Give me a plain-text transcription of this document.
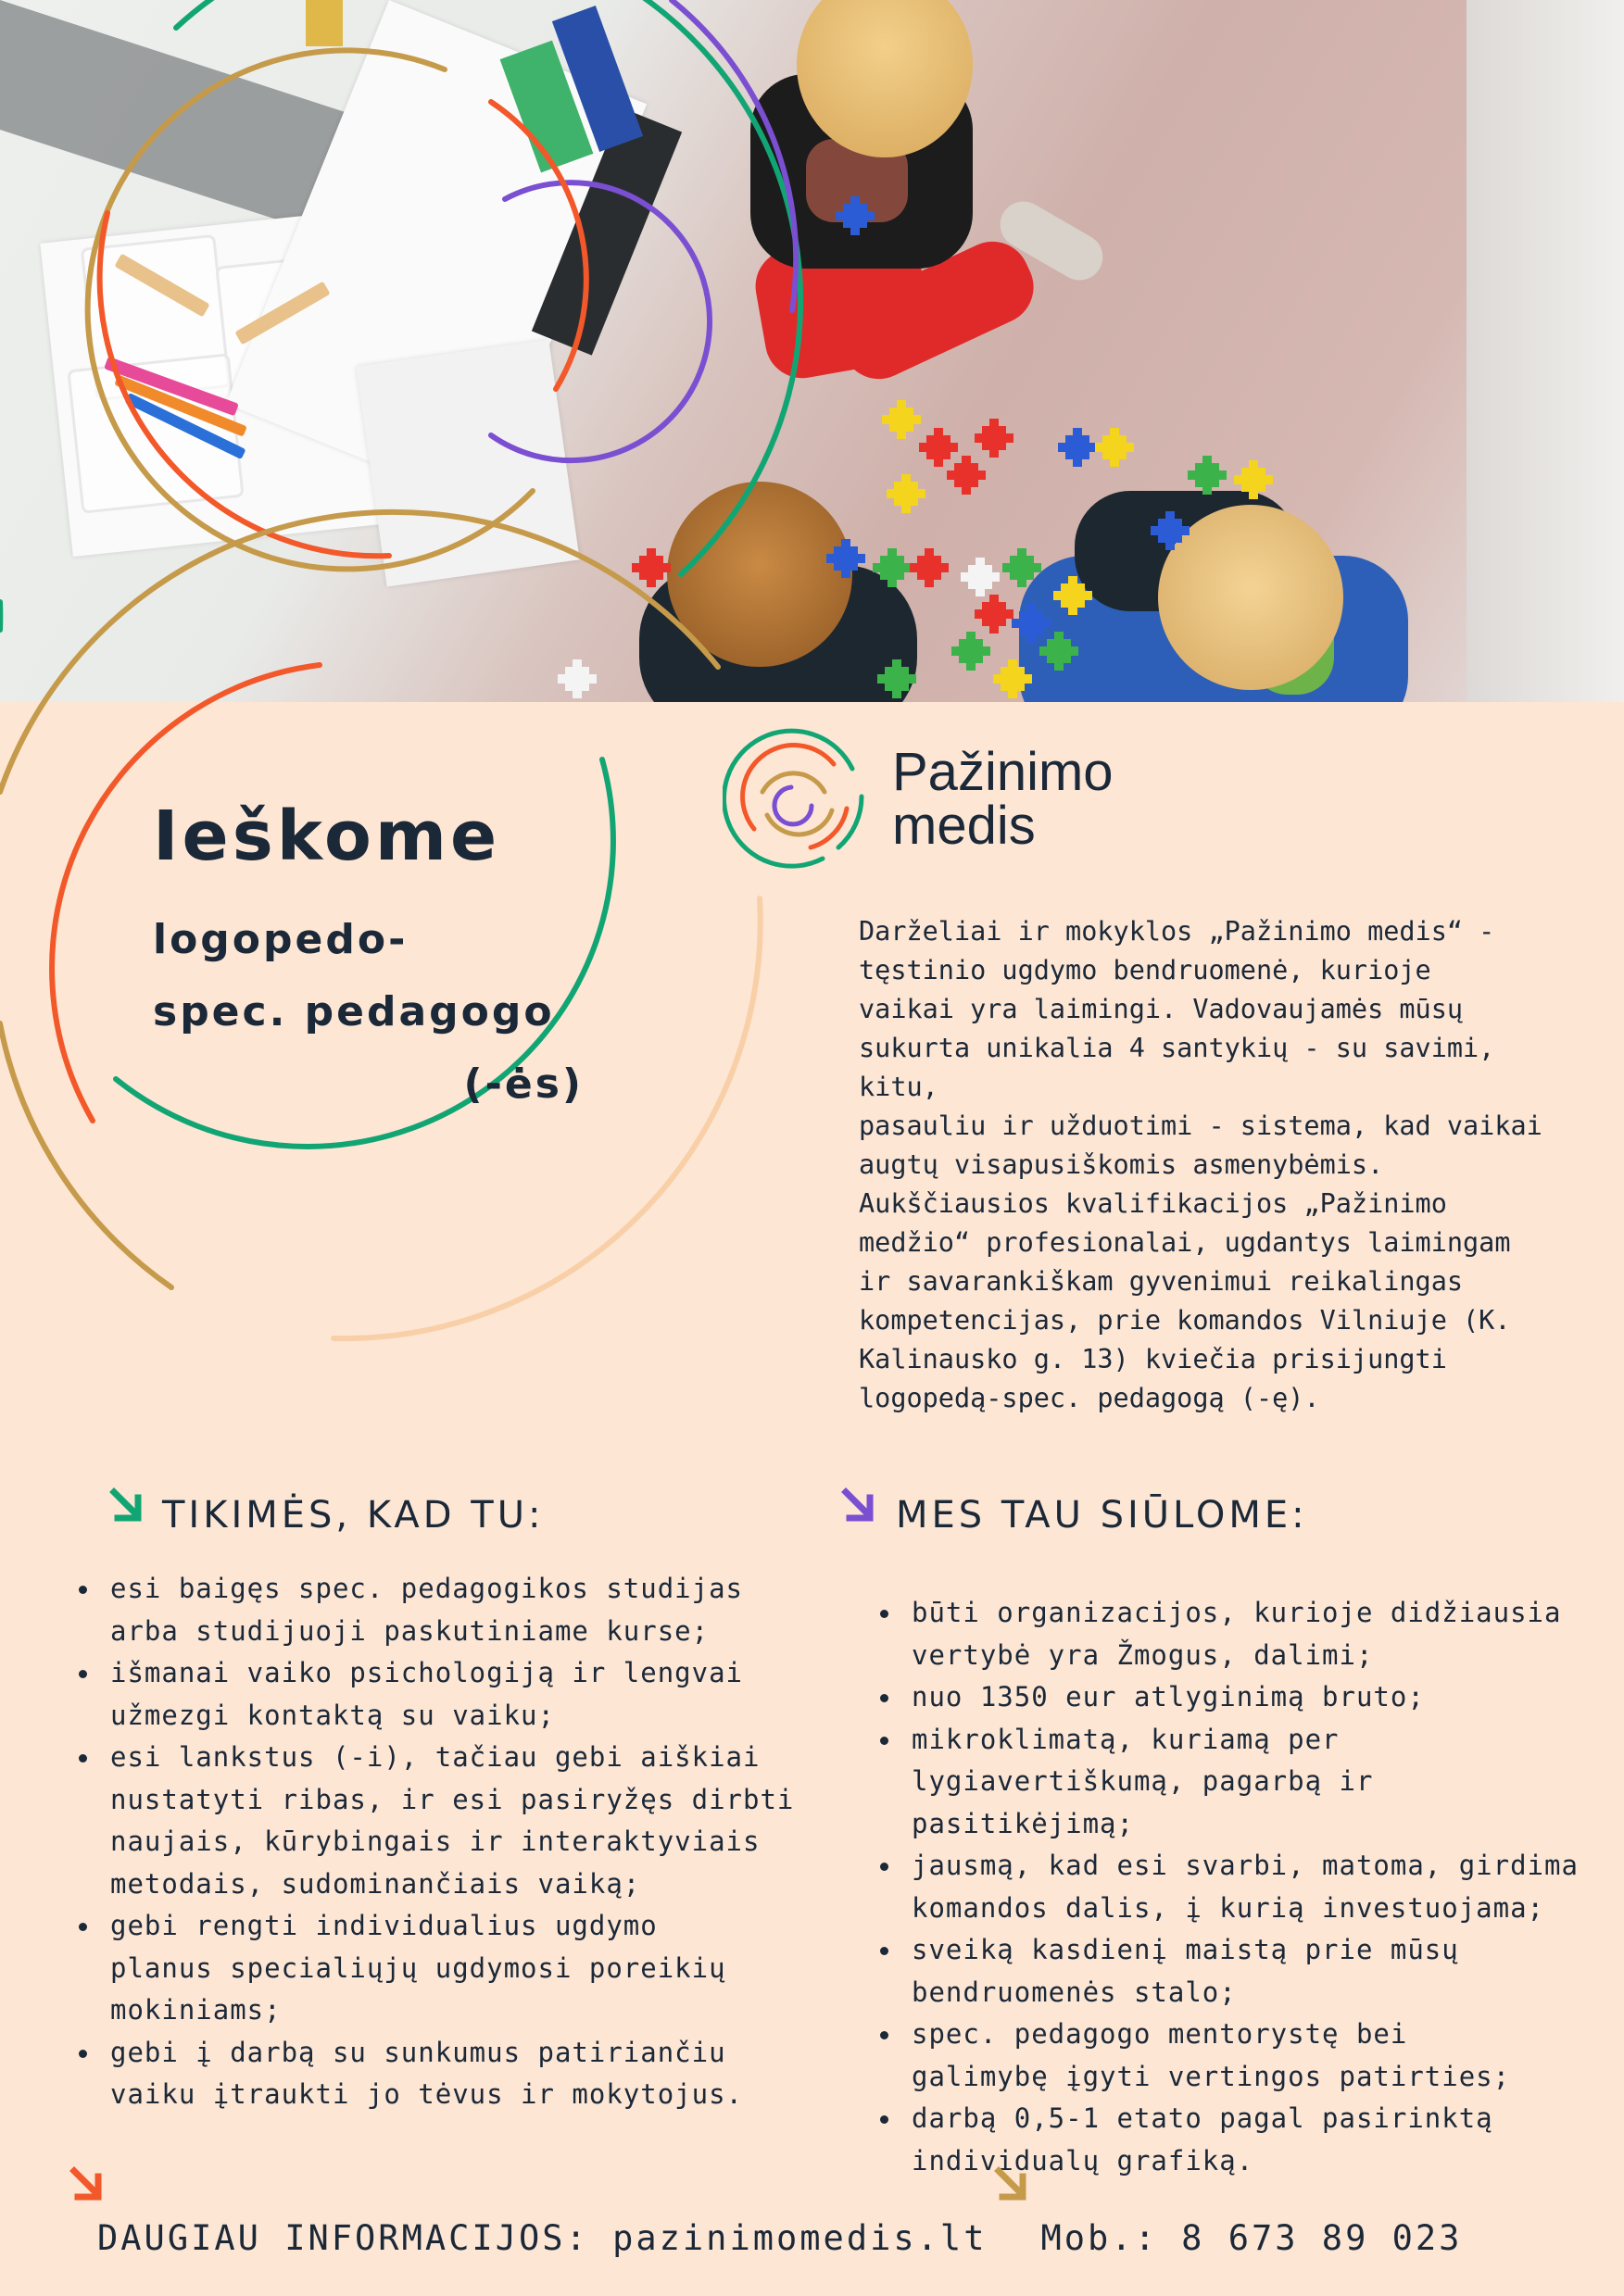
Ieškome
logopedo-
spec. pedagogo
(-ės)
Pažinimo
medis

Darželiai ir mokyklos „Pažinimo medis“ -
tęstinio ugdymo bendruomenė, kurioje
vaikai yra laimingi. Vadovaujamės mūsų
sukurta unikalia 4 santykių - su savimi, kitu,
pasauliu ir užduotimi - sistema, kad vaikai
augtų visapusiškomis asmenybėmis.
Aukščiausios kvalifikacijos „Pažinimo
medžio“ profesionalai, ugdantys laimingam
ir savarankiškam gyvenimui reikalingas
kompetencijas, prie komandos Vilniuje (K.
Kalinausko g. 13) kviečia prisijungti
logopedą-spec. pedagogą (-ę).

TIKIMĖS, KAD TU:
esi baigęs spec. pedagogikos studijas
arba studijuoji paskutiniame kurse;
išmanai vaiko psichologiją ir lengvai
užmezgi kontaktą su vaiku;
esi lankstus (-i), tačiau gebi aiškiai
nustatyti ribas, ir esi pasiryžęs dirbti
naujais, kūrybingais ir interaktyviais
metodais, sudominančiais vaiką;
gebi rengti individualius ugdymo
planus specialiųjų ugdymosi poreikių
mokiniams;
gebi į darbą su sunkumus patiriančiu
vaiku įtraukti jo tėvus ir mokytojus.
MES TAU SIŪLOME:
būti organizacijos, kurioje didžiausia
vertybė yra Žmogus, dalimi;
nuo 1350 eur atlyginimą bruto;
mikroklimatą, kuriamą per
lygiavertiškumą, pagarbą ir pasitikėjimą;
jausmą, kad esi svarbi, matoma, girdima
komandos dalis, į kurią investuojama;
sveiką kasdienį maistą prie mūsų
bendruomenės stalo;
spec. pedagogo mentorystę bei
galimybę įgyti vertingos patirties;
darbą 0,5-1 etato pagal pasirinktą
individualų grafiką.
DAUGIAU INFORMACIJOS: pazinimomedis.lt Mob.: 8 673 89 023
